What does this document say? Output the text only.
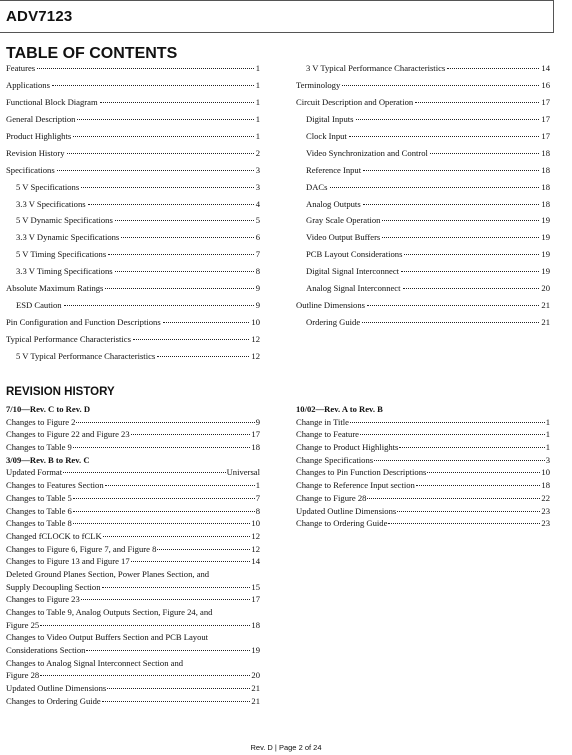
ADV7123
TABLE OF CONTENTS
Features	1
Applications	1
Functional Block Diagram	1
General Description	1
Product Highlights	1
Revision History	2
Specifications	3
5 V Specifications	3
3.3 V Specifications	4
5 V Dynamic Specifications	5
3.3 V Dynamic Specifications	6
5 V Timing Specifications	7
3.3 V Timing Specifications	8
Absolute Maximum Ratings	9
ESD Caution	9
Pin Configuration and Function Descriptions	10
Typical Performance Characteristics	12
5 V Typical Performance Characteristics	12
3 V Typical Performance Characteristics	14
Terminology	16
Circuit Description and Operation	17
Digital Inputs	17
Clock Input	17
Video Synchronization and Control	18
Reference Input	18
DACs	18
Analog Outputs	18
Gray Scale Operation	19
Video Output Buffers	19
PCB Layout Considerations	19
Digital Signal Interconnect	19
Analog Signal Interconnect	20
Outline Dimensions	21
Ordering Guide	21
REVISION HISTORY
7/10—Rev. C to Rev. D
Changes to Figure 2	9
Changes to Figure 22 and Figure 23	17
Changes to Table 9	18
3/09—Rev. B to Rev. C
Updated Format	Universal
Changes to Features Section	1
Changes to Table 5	7
Changes to Table 6	8
Changes to Table 8	10
Changed fCLOCK to fCLK	12
Changes to Figure 6, Figure 7, and Figure 8	12
Changes to Figure 13 and Figure 17	14
Deleted Ground Planes Section, Power Planes Section, and
Supply Decoupling Section	15
Changes to Figure 23	17
Changes to Table 9, Analog Outputs Section, Figure 24, and
Figure 25	18
Changes to Video Output Buffers Section and PCB Layout
Considerations Section	19
Changes to Analog Signal Interconnect Section and
Figure 28	20
Updated Outline Dimensions	21
Changes to Ordering Guide	21
10/02—Rev. A to Rev. B
Change in Title	1
Change to Feature	1
Change to Product Highlights	1
Change Specifications	3
Changes to Pin Function Descriptions	10
Change to Reference Input section	18
Change to Figure 28	22
Updated Outline Dimensions	23
Change to Ordering Guide	23
Rev. D | Page 2 of 24
